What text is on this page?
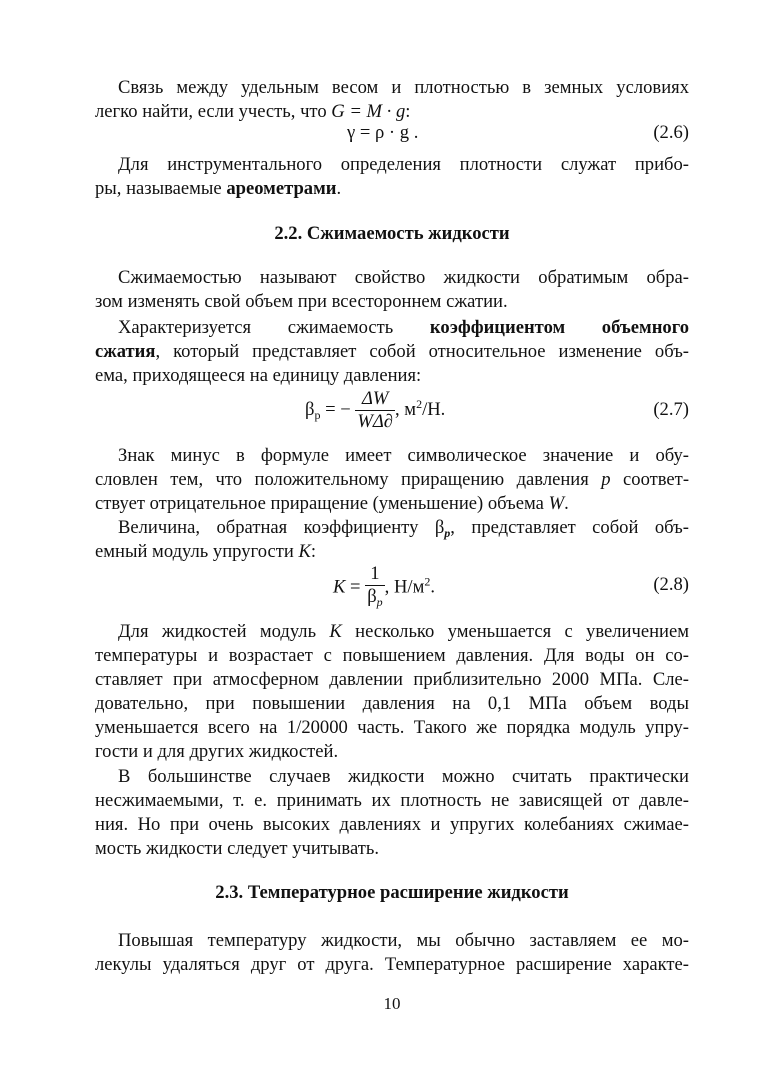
Связь между удельным весом и плотностью в земных условиях
легко найти, если учесть, что G = M · g:
γ = ρ · g .	(2.6)
Для инструментального определения плотности служат прибо-
ры, называемые ареометрами.
2.2. Сжимаемость жидкости
Сжимаемостью называют свойство жидкости обратимым обра-
зом изменять свой объем при всестороннем сжатии.
Характеризуется сжимаемость коэффициентом объемного
сжатия, который представляет собой относительное изменение объ-
ема, приходящееся на единицу давления:
$\beta_р$ = − $\frac{\Delta W}{W\Delta\partial}$ , $м^2/Н$.	(2.7)
Знак минус в формуле имеет символическое значение и обу-
словлен тем, что положительному приращению давления p соответ-
ствует отрицательное приращение (уменьшение) объема W.
Величина, обратная коэффициенту $\beta_p$, представляет собой объ-
емный модуль упругости K:
$K = \frac{1}{\beta_p}$ , $Н/м^2$.	(2.8)
Для жидкостей модуль K несколько уменьшается с увеличением
температуры и возрастает с повышением давления. Для воды он со-
ставляет при атмосферном давлении приблизительно 2000 МПа. Сле-
довательно, при повышении давления на 0,1 МПа объем воды
уменьшается всего на 1/20000 часть. Такого же порядка модуль упру-
гости и для других жидкостей.
В большинстве случаев жидкости можно считать практически
несжимаемыми, т. е. принимать их плотность не зависящей от давле-
ния. Но при очень высоких давлениях и упругих колебаниях сжимае-
мость жидкости следует учитывать.
2.3. Температурное расширение жидкости
Повышая температуру жидкости, мы обычно заставляем ее мо-
лекулы удаляться друг от друга. Температурное расширение характе-
10
